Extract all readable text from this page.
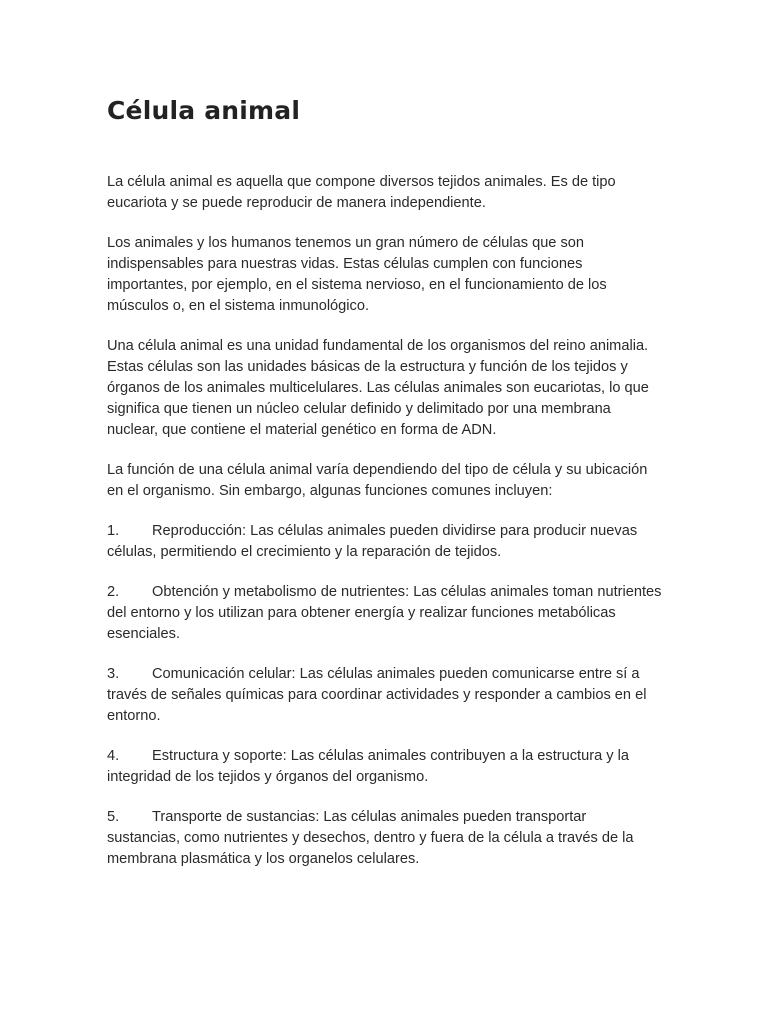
Célula animal

La célula animal es aquella que compone diversos tejidos animales. Es de tipo eucariota y se puede reproducir de manera independiente.

Los animales y los humanos tenemos un gran número de células que son indispensables para nuestras vidas. Estas células cumplen con funciones importantes, por ejemplo, en el sistema nervioso, en el funcionamiento de los músculos o, en el sistema inmunológico.

Una célula animal es una unidad fundamental de los organismos del reino animalia. Estas células son las unidades básicas de la estructura y función de los tejidos y órganos de los animales multicelulares. Las células animales son eucariotas, lo que significa que tienen un núcleo celular definido y delimitado por una membrana nuclear, que contiene el material genético en forma de ADN.

La función de una célula animal varía dependiendo del tipo de célula y su ubicación en el organismo. Sin embargo, algunas funciones comunes incluyen:

1. Reproducción: Las células animales pueden dividirse para producir nuevas células, permitiendo el crecimiento y la reparación de tejidos.

2. Obtención y metabolismo de nutrientes: Las células animales toman nutrientes del entorno y los utilizan para obtener energía y realizar funciones metabólicas esenciales.

3. Comunicación celular: Las células animales pueden comunicarse entre sí a través de señales químicas para coordinar actividades y responder a cambios en el entorno.

4. Estructura y soporte: Las células animales contribuyen a la estructura y la integridad de los tejidos y órganos del organismo.

5. Transporte de sustancias: Las células animales pueden transportar sustancias, como nutrientes y desechos, dentro y fuera de la célula a través de la membrana plasmática y los organelos celulares.
